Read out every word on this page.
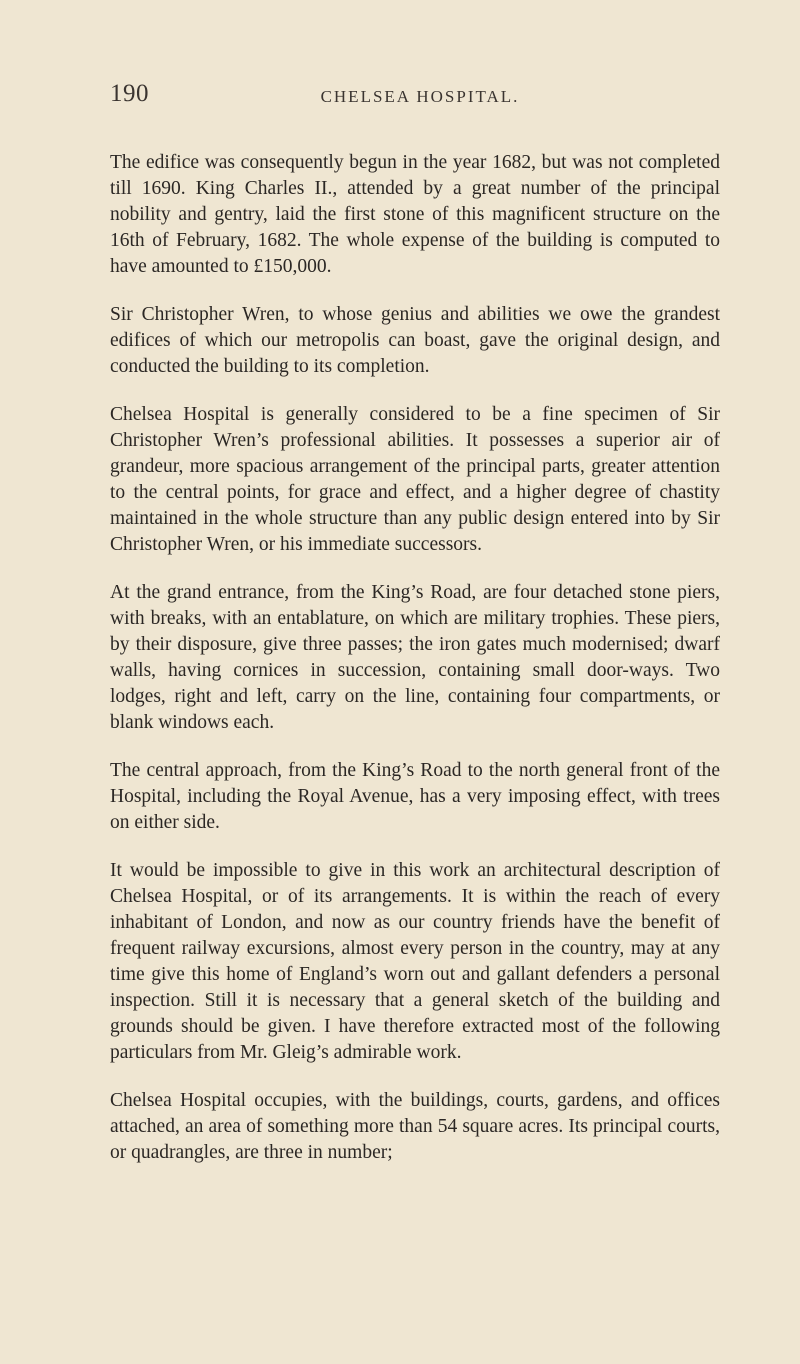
190	CHELSEA HOSPITAL.

The edifice was consequently begun in the year 1682, but was not completed till 1690. King Charles II., attended by a great number of the principal nobility and gentry, laid the first stone of this magnificent structure on the 16th of February, 1682. The whole expense of the building is computed to have amounted to £150,000.

Sir Christopher Wren, to whose genius and abilities we owe the grandest edifices of which our metropolis can boast, gave the original design, and conducted the building to its completion.

Chelsea Hospital is generally considered to be a fine specimen of Sir Christopher Wren’s professional abilities. It possesses a superior air of grandeur, more spacious arrangement of the principal parts, greater attention to the central points, for grace and effect, and a higher degree of chastity maintained in the whole structure than any public design entered into by Sir Christopher Wren, or his immediate successors.

At the grand entrance, from the King’s Road, are four detached stone piers, with breaks, with an entablature, on which are military trophies. These piers, by their disposure, give three passes; the iron gates much modernised; dwarf walls, having cornices in succession, containing small door-ways. Two lodges, right and left, carry on the line, containing four compartments, or blank windows each.

The central approach, from the King’s Road to the north general front of the Hospital, including the Royal Avenue, has a very imposing effect, with trees on either side.

It would be impossible to give in this work an architectural description of Chelsea Hospital, or of its arrangements. It is within the reach of every inhabitant of London, and now as our country friends have the benefit of frequent railway excursions, almost every person in the country, may at any time give this home of England’s worn out and gallant defenders a personal inspection. Still it is necessary that a general sketch of the building and grounds should be given. I have therefore extracted most of the following particulars from Mr. Gleig’s admirable work.

Chelsea Hospital occupies, with the buildings, courts, gardens, and offices attached, an area of something more than 54 square acres. Its principal courts, or quadrangles, are three in number;
